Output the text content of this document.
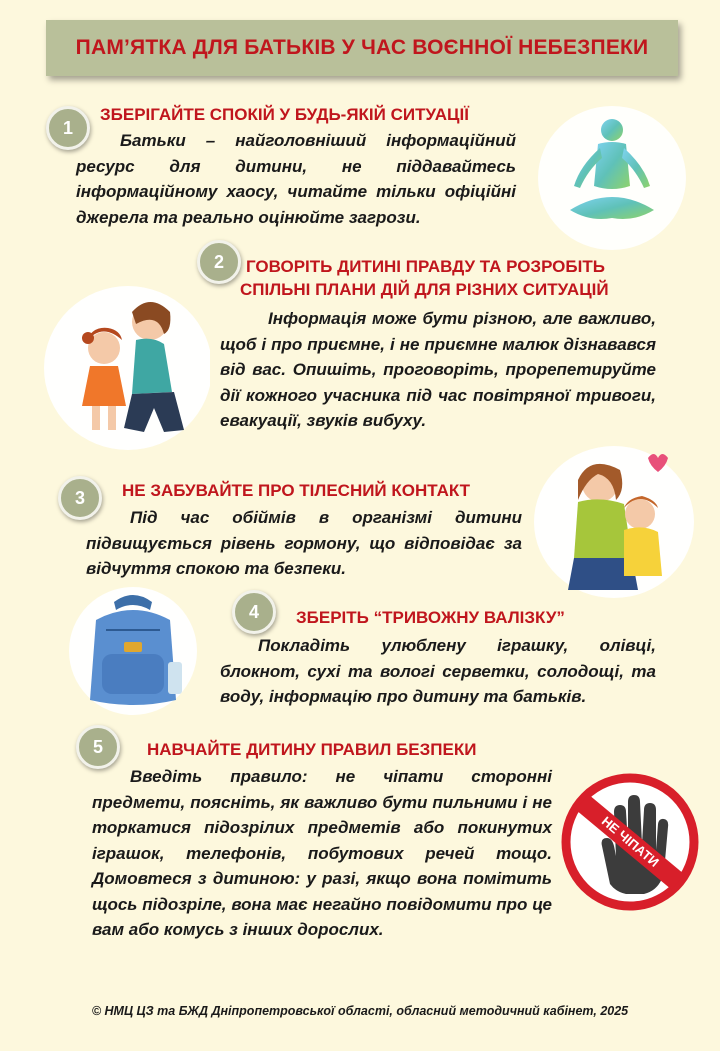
ПАМ’ЯТКА ДЛЯ БАТЬКІВ У ЧАС ВОЄННОЇ НЕБЕЗПЕКИ
1
ЗБЕРІГАЙТЕ СПОКІЙ У БУДЬ-ЯКІЙ СИТУАЦІЇ

Батьки – найголовніший інформаційний ресурс для дитини, не піддавайтесь інформаційному хаосу, читайте тільки офіційні джерела та реально оцінюйте загрози.

2	ГОВОРІТЬ ДИТИНІ ПРАВДУ ТА РОЗРОБІТЬ
СПІЛЬНІ ПЛАНИ ДІЙ ДЛЯ РІЗНИХ СИТУАЦІЙ

Інформація може бути різною, але важливо, щоб і про приємне, і не приємне малюк дізнавався від вас. Опишіть, проговоріть, прорепетируйте дії кожного учасника під час повітряної тривоги, евакуації, звуків вибуху.

3	НЕ ЗАБУВАЙТЕ ПРО ТІЛЕСНИЙ КОНТАКТ

Під час обіймів в організмі дитини підвищується рівень гормону, що відповідає за відчуття спокою та безпеки.

4	ЗБЕРІТЬ “ТРИВОЖНУ ВАЛІЗКУ”

Покладіть улюблену іграшку, олівці, блокнот, сухі та вологі серветки, солодощі, та воду, інформацію про дитину та батьків.

5	НАВЧАЙТЕ ДИТИНУ ПРАВИЛ БЕЗПЕКИ

Введіть правило: не чіпати сторонні предмети, поясніть, як важливо бути пильними і не торкатися підозрілих предметів або покинутих іграшок, телефонів, побутових речей тощо. Домовтеся з дитиною: у разі, якщо вона помітить щось підозріле, вона має негайно повідомити про це вам або комусь з інших дорослих.

НЕ ЧІПАТИ
© НМЦ ЦЗ та БЖД Дніпропетровської області, обласний методичний кабінет, 2025
